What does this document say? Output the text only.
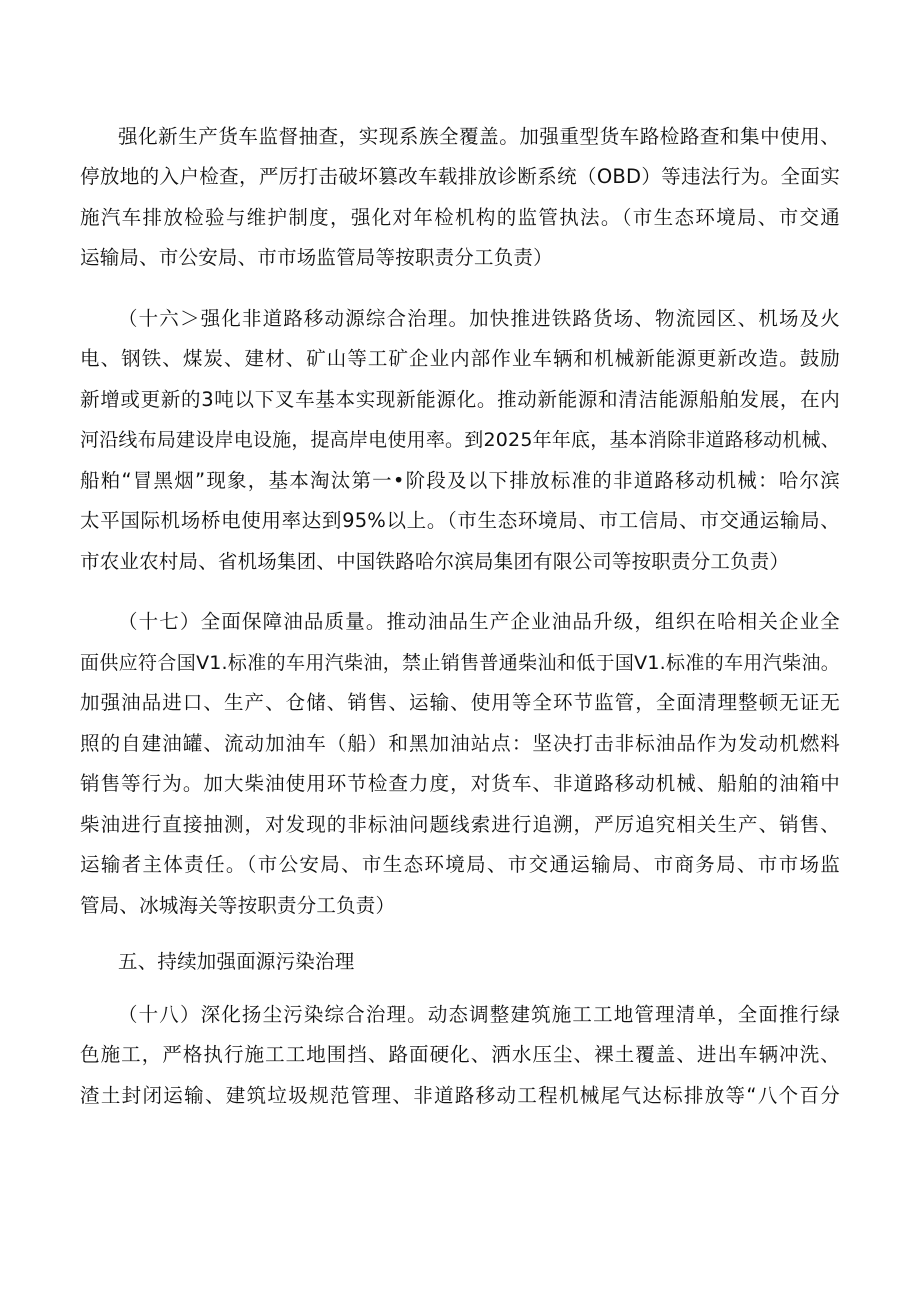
强化新生产货车监督抽查，实现系族全覆盖。加强重型货车路检路查和集中使用、
停放地的入户检查，严厉打击破坏篡改车载排放诊断系统（OBD）等违法行为。全面实
施汽车排放检验与维护制度，强化对年检机构的监管执法。（市生态环境局、市交通
运输局、市公安局、市市场监管局等按职责分工负责）
（十六＞强化非道路移动源综合治理。加快推进铁路货场、物流园区、机场及火
电、钢铁、煤炭、建材、矿山等工矿企业内部作业车辆和机械新能源更新改造。鼓励
新增或更新的3吨以下叉车基本实现新能源化。推动新能源和清洁能源船舶发展，在内
河沿线布局建设岸电设施，提高岸电使用率。到2025年年底，基本消除非道路移动机械、
船粕“冒黑烟”现象，基本淘汰第一•阶段及以下排放标准的非道路移动机械：哈尔滨
太平国际机场桥电使用率达到95%以上。（市生态环境局、市工信局、市交通运输局、
市农业农村局、省机场集团、中国铁路哈尔滨局集团有限公司等按职责分工负责）
（十七）全面保障油品质量。推动油品生产企业油品升级，组织在哈相关企业全
面供应符合国V1.标准的车用汽柴油，禁止销售普通柴汕和低于国V1.标准的车用汽柴油。
加强油品进口、生产、仓储、销售、运输、使用等全环节监管，全面清理整顿无证无
照的自建油罐、流动加油车（船）和黑加油站点：坚决打击非标油品作为发动机燃料
销售等行为。加大柴油使用环节检查力度，对货车、非道路移动机械、船舶的油箱中
柴油进行直接抽测，对发现的非标油问题线索进行追溯，严厉追究相关生产、销售、
运输者主体责任。（市公安局、市生态环境局、市交通运输局、市商务局、市市场监
管局、冰城海关等按职责分工负责）
五、持续加强面源污染治理
（十八）深化扬尘污染综合治理。动态调整建筑施工工地管理清单，全面推行绿
色施工，严格执行施工工地围挡、路面硬化、洒水压尘、裸土覆盖、进出车辆冲洗、
渣土封闭运输、建筑垃圾规范管理、非道路移动工程机械尾气达标排放等“八个百分
